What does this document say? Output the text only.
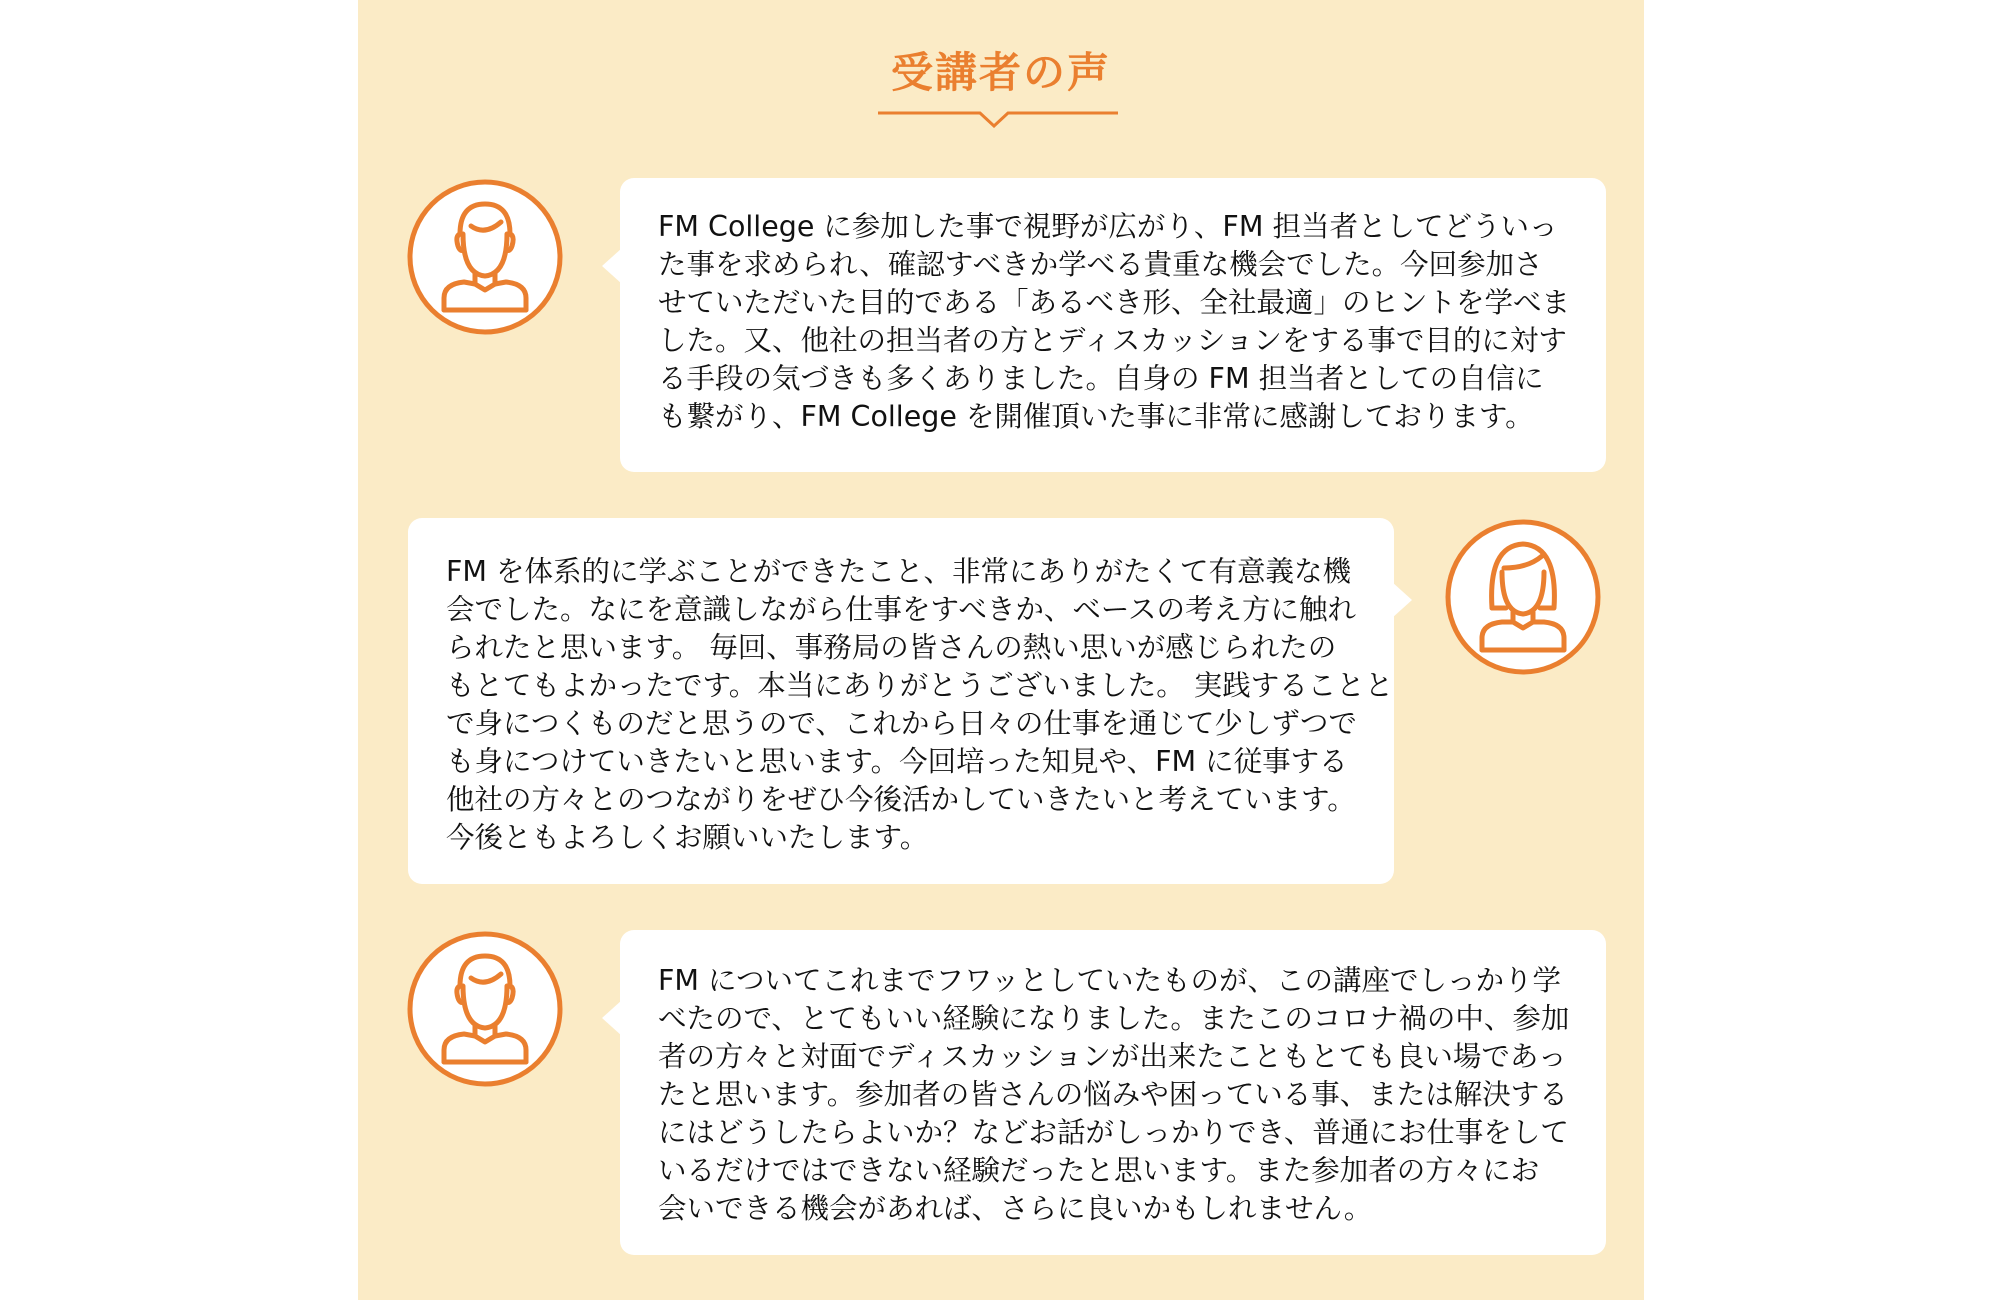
受講者の声

FM College に参加した事で視野が広がり、FM 担当者としてどういっ

た事を求められ、確認すべきか学べる貴重な機会でした。今回参加さ

せていただいた目的である「あるべき形、全社最適」のヒントを学べま

した。又、他社の担当者の方とディスカッションをする事で目的に対す

る手段の気づきも多くありました。自身の FM 担当者としての自信に

も繋がり、FM College を開催頂いた事に非常に感謝しております。

FM を体系的に学ぶことができたこと、非常にありがたくて有意義な機

会でした。なにを意識しながら仕事をすべきか、ベースの考え方に触れ

られたと思います。 毎回、事務局の皆さんの熱い思いが感じられたの

もとてもよかったです。本当にありがとうございました。 実践することと

で身につくものだと思うので、これから日々の仕事を通じて少しずつで

も身につけていきたいと思います。今回培った知見や、FM に従事する

他社の方々とのつながりをぜひ今後活かしていきたいと考えています。

今後ともよろしくお願いいたします。

FM についてこれまでフワッとしていたものが、この講座でしっかり学

べたので、とてもいい経験になりました。またこのコロナ禍の中、参加

者の方々と対面でディスカッションが出来たこともとても良い場であっ

たと思います。参加者の皆さんの悩みや困っている事、または解決する

にはどうしたらよいか？などお話がしっかりでき、普通にお仕事をして

いるだけではできない経験だったと思います。また参加者の方々にお

会いできる機会があれば、さらに良いかもしれません。
